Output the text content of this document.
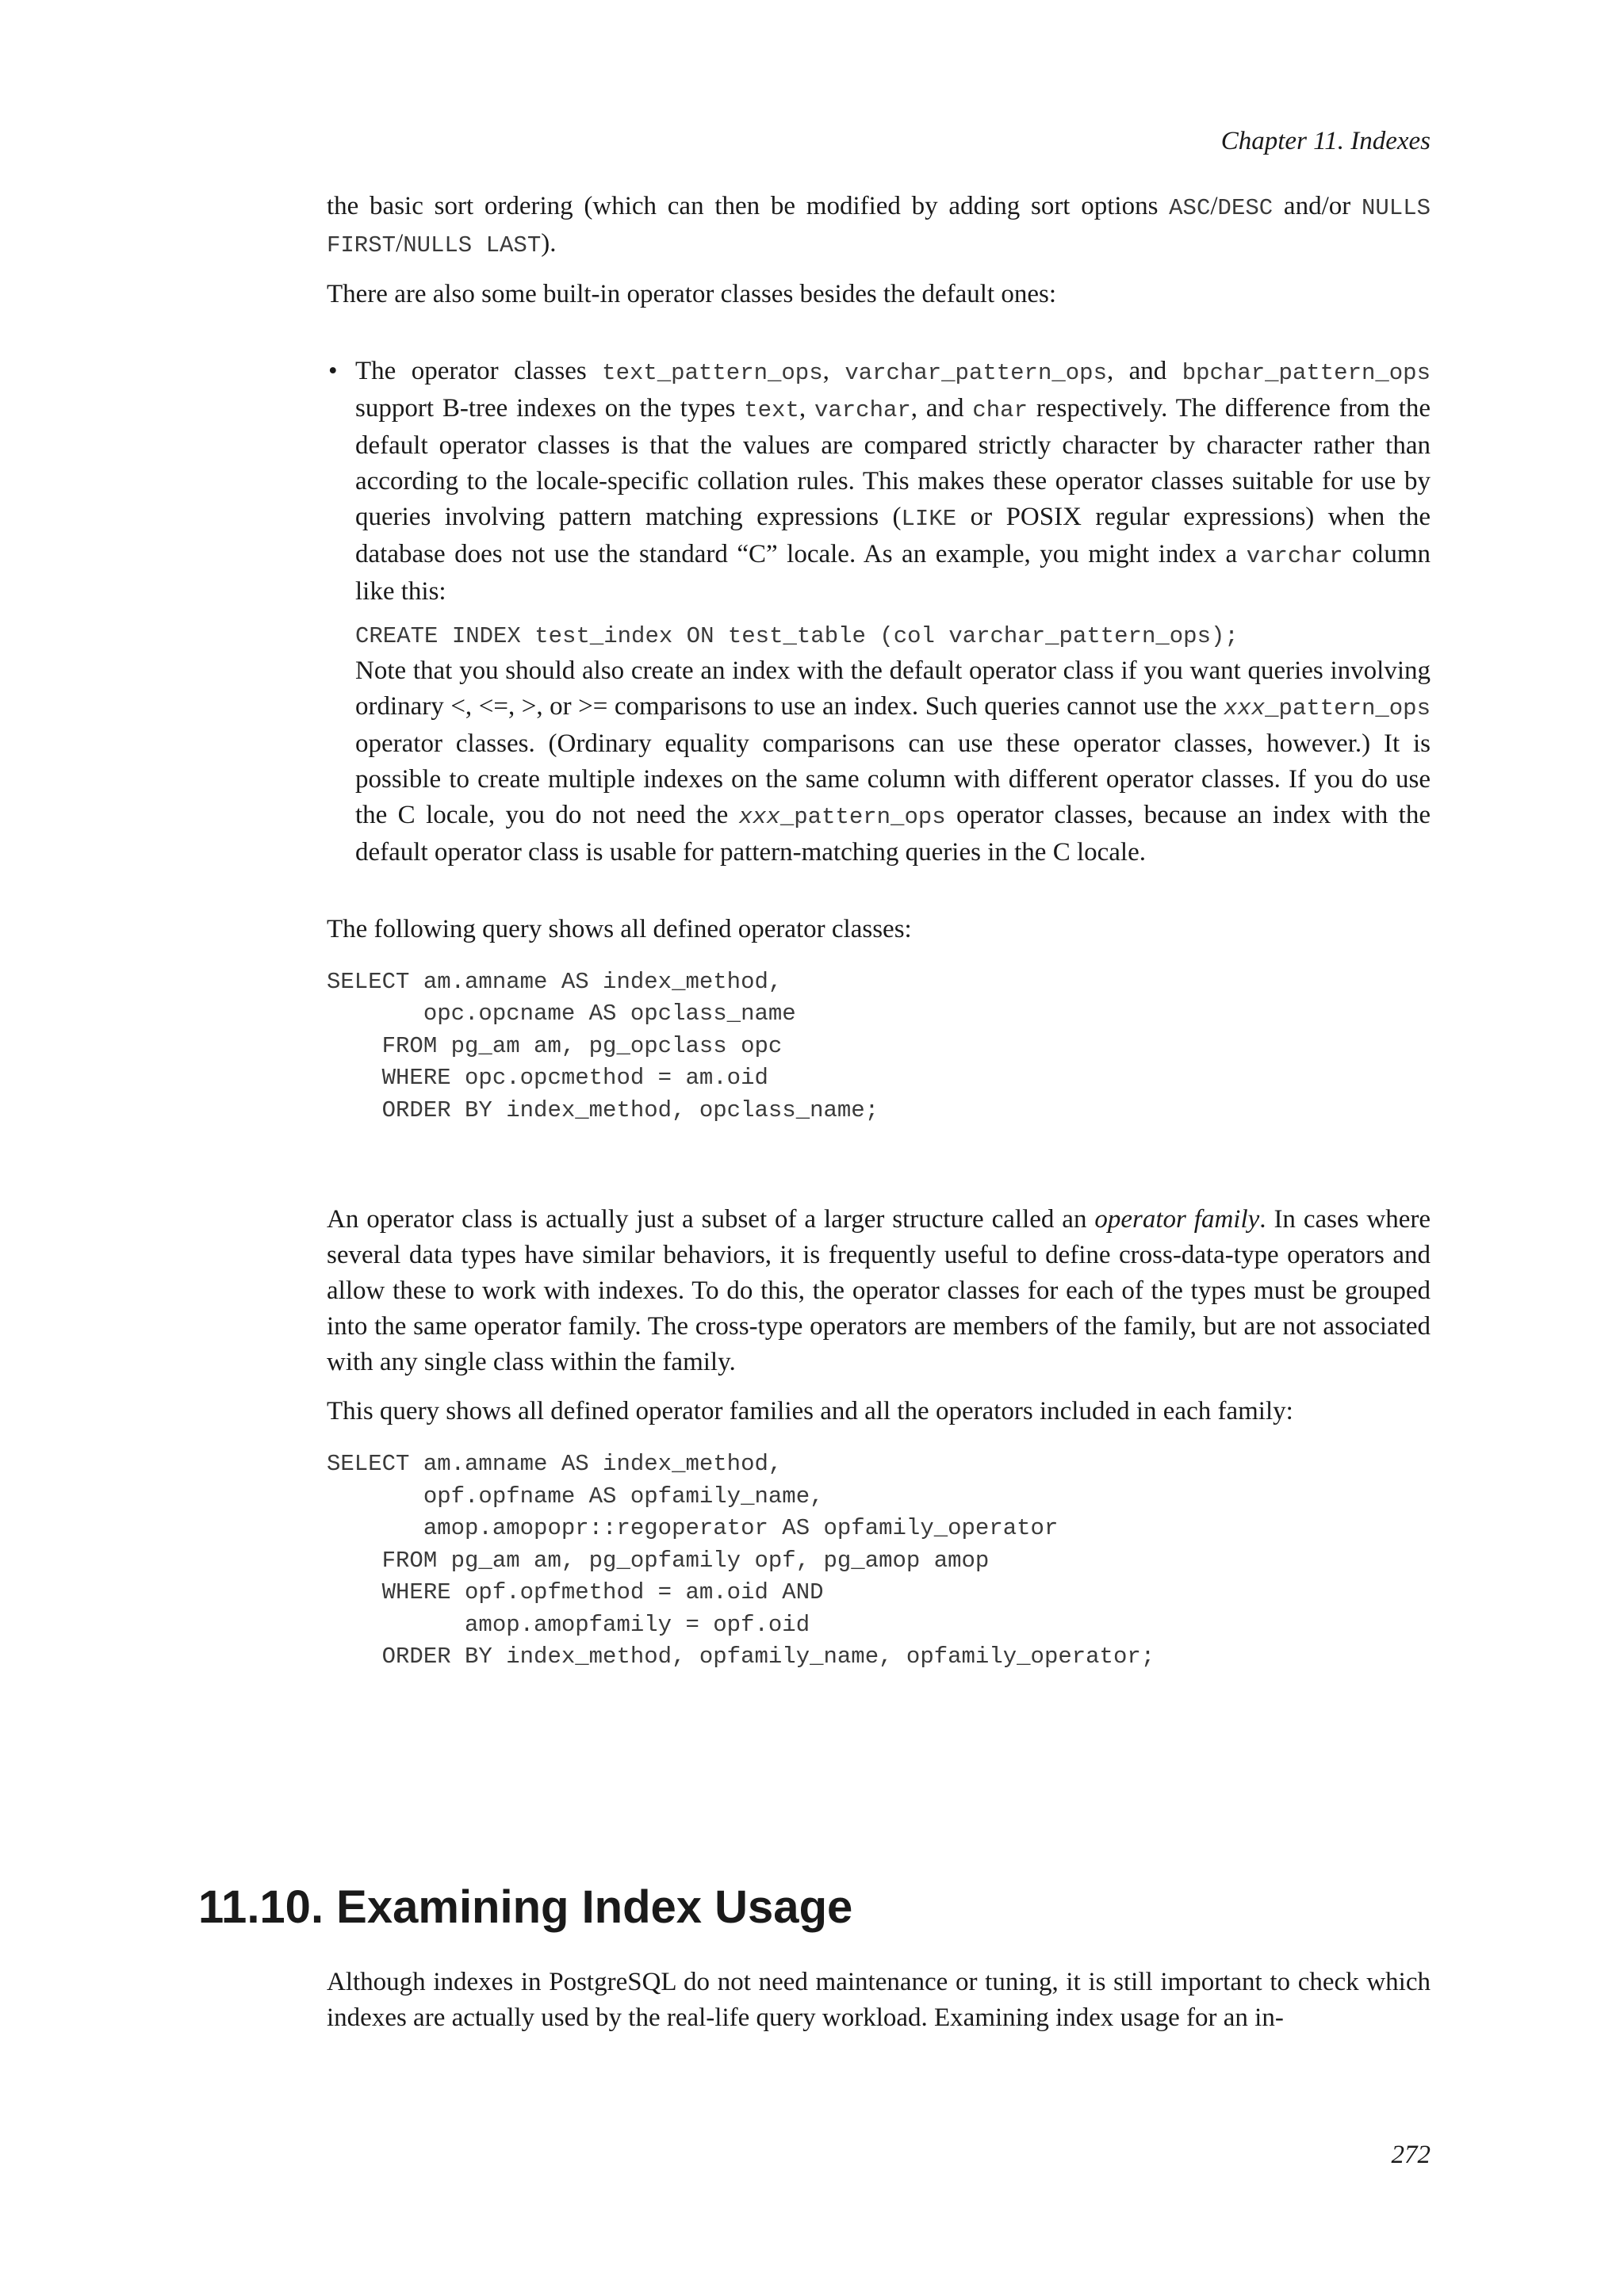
Chapter 11. Indexes

the basic sort ordering (which can then be modified by adding sort options ASC/DESC and/or NULLS FIRST/NULLS LAST).

There are also some built-in operator classes besides the default ones:

• The operator classes text_pattern_ops, varchar_pattern_ops, and bpchar_pattern_ops support B-tree indexes on the types text, varchar, and char respectively. The difference from the default operator classes is that the values are compared strictly character by character rather than according to the locale-specific collation rules. This makes these operator classes suitable for use by queries involving pattern matching expressions (LIKE or POSIX regular expressions) when the database does not use the standard “C” locale. As an example, you might index a varchar column like this:

CREATE INDEX test_index ON test_table (col varchar_pattern_ops);

Note that you should also create an index with the default operator class if you want queries involving ordinary <, <=, >, or >= comparisons to use an index. Such queries cannot use the xxx_pattern_ops operator classes. (Ordinary equality comparisons can use these operator classes, however.) It is possible to create multiple indexes on the same column with different operator classes. If you do use the C locale, you do not need the xxx_pattern_ops operator classes, because an index with the default operator class is usable for pattern-matching queries in the C locale.

The following query shows all defined operator classes:

SELECT am.amname AS index_method,
opc.opcname AS opclass_name
FROM pg_am am, pg_opclass opc
WHERE opc.opcmethod = am.oid
ORDER BY index_method, opclass_name;

An operator class is actually just a subset of a larger structure called an operator family. In cases where several data types have similar behaviors, it is frequently useful to define cross-data-type operators and allow these to work with indexes. To do this, the operator classes for each of the types must be grouped into the same operator family. The cross-type operators are members of the family, but are not associated with any single class within the family.

This query shows all defined operator families and all the operators included in each family:

SELECT am.amname AS index_method,
opf.opfname AS opfamily_name,
amop.amopopr::regoperator AS opfamily_operator
FROM pg_am am, pg_opfamily opf, pg_amop amop
WHERE opf.opfmethod = am.oid AND
amop.amopfamily = opf.oid
ORDER BY index_method, opfamily_name, opfamily_operator;
11.10. Examining Index Usage

Although indexes in PostgreSQL do not need maintenance or tuning, it is still important to check which indexes are actually used by the real-life query workload. Examining index usage for an in-

272
